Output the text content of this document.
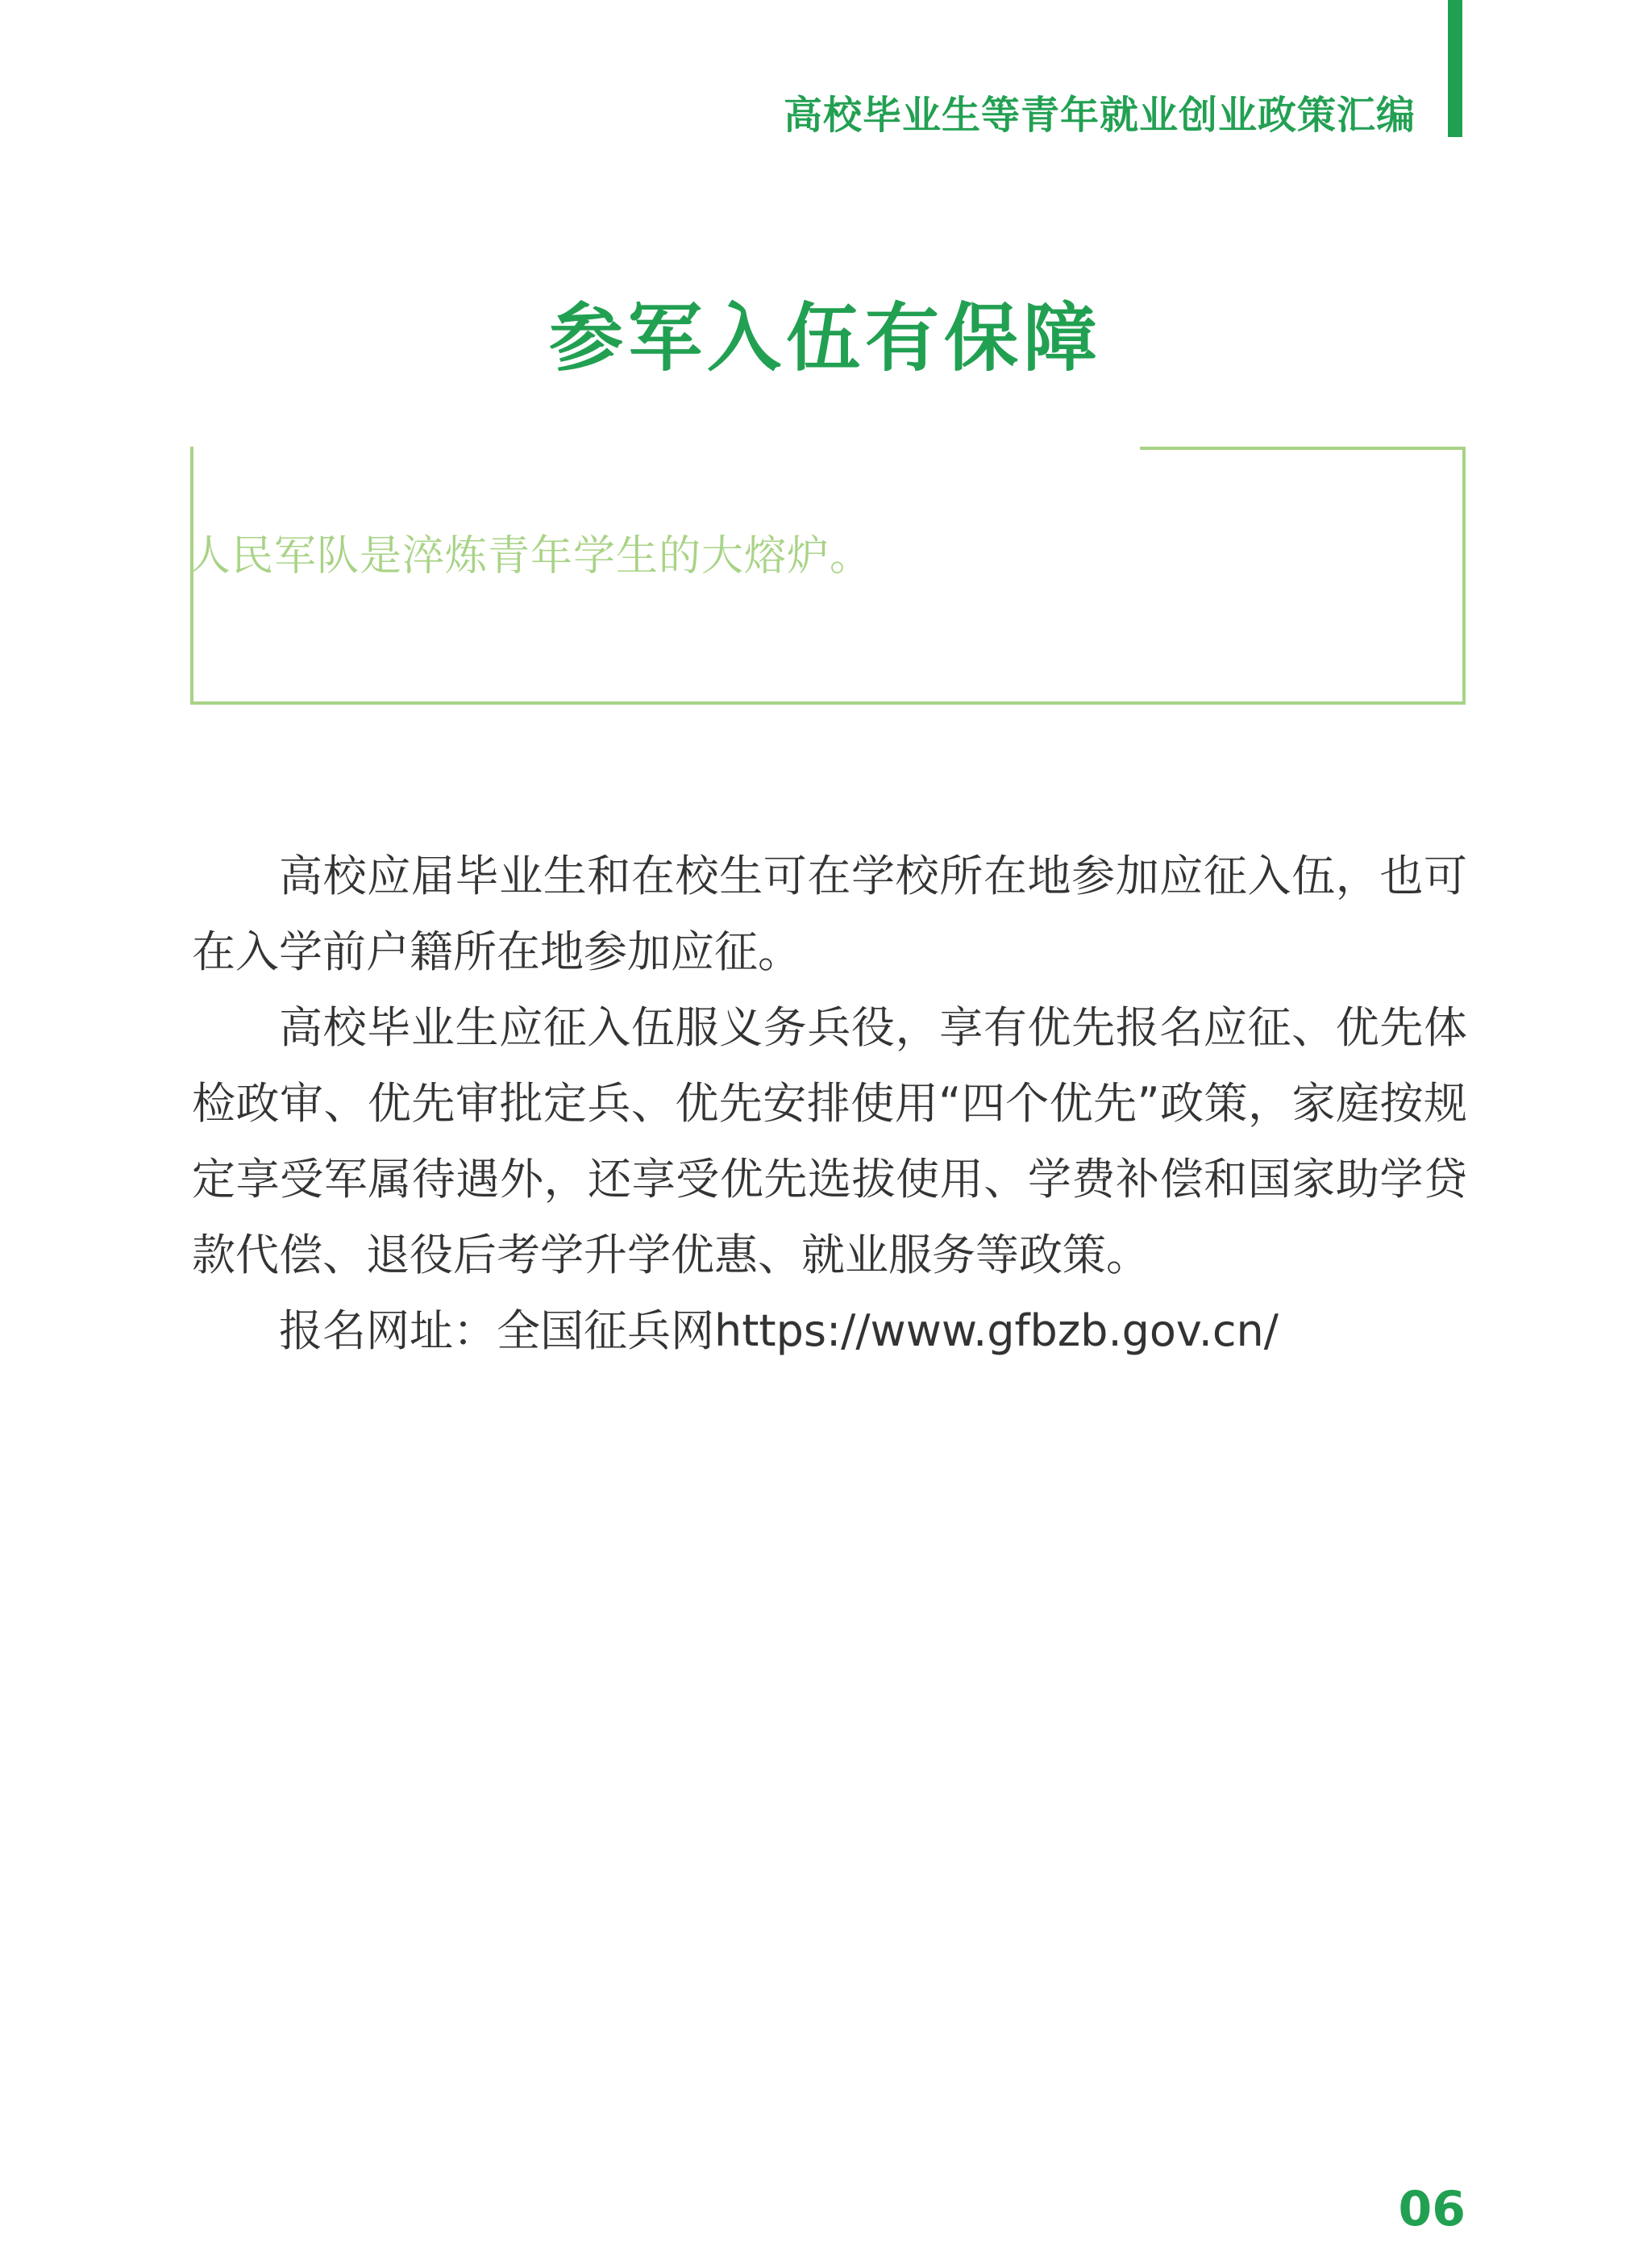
高校毕业生等青年就业创业政策汇编
参军入伍有保障
人民军队是淬炼青年学生的大熔炉。

高校应届毕业生和在校生可在学校所在地参加应征入伍，也可在入学前户籍所在地参加应征。

高校毕业生应征入伍服义务兵役，享有优先报名应征、优先体检政审、优先审批定兵、优先安排使用“四个优先”政策，家庭按规定享受军属待遇外，还享受优先选拔使用、学费补偿和国家助学贷款代偿、退役后考学升学优惠、就业服务等政策。

报名网址：全国征兵网https://www.gfbzb.gov.cn/

06
